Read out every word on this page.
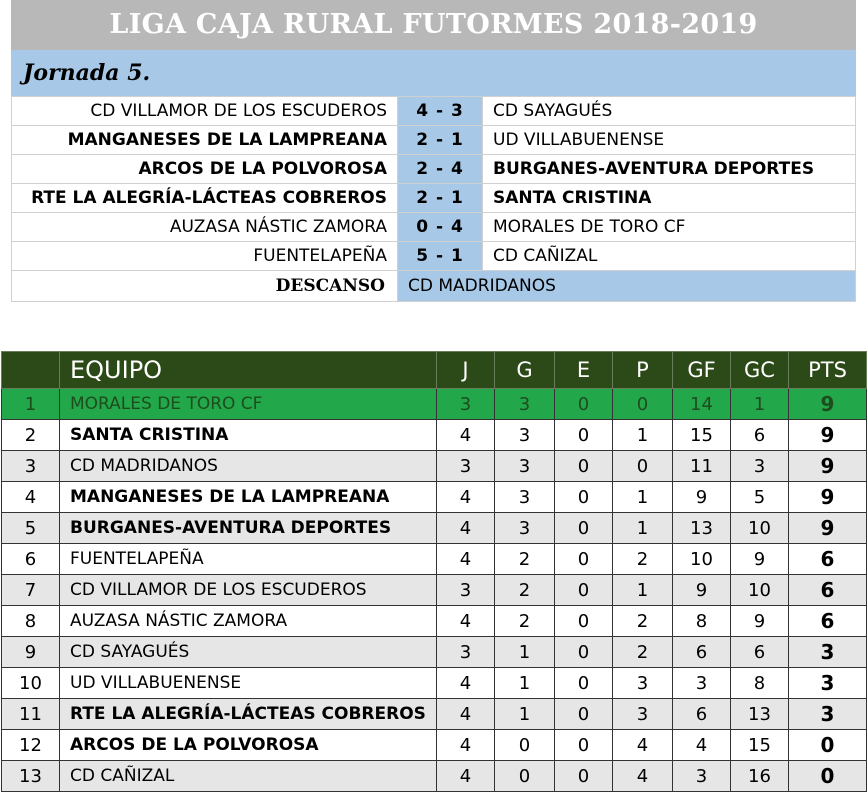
LIGA CAJA RURAL FUTORMES 2018-2019
Jornada 5.
CD VILLAMOR DE LOS ESCUDEROS	4 - 3	CD SAYAGUÉS
MANGANESES DE LA LAMPREANA	2 - 1	UD VILLABUENENSE
ARCOS DE LA POLVOROSA	2 - 4	BURGANES-AVENTURA DEPORTES
RTE LA ALEGRÍA-LÁCTEAS COBREROS	2 - 1	SANTA CRISTINA
AUZASA NÁSTIC ZAMORA	0 - 4	MORALES DE TORO CF
FUENTELAPEÑA	5 - 1	CD CAÑIZAL
DESCANSO	CD MADRIDANOS	
	EQUIPO	J	G	E	P	GF	GC	PTS
1	MORALES DE TORO CF	3	3	0	0	14	1	9
2	SANTA CRISTINA	4	3	0	1	15	6	9
3	CD MADRIDANOS	3	3	0	0	11	3	9
4	MANGANESES DE LA LAMPREANA	4	3	0	1	9	5	9
5	BURGANES-AVENTURA DEPORTES	4	3	0	1	13	10	9
6	FUENTELAPEÑA	4	2	0	2	10	9	6
7	CD VILLAMOR DE LOS ESCUDEROS	3	2	0	1	9	10	6
8	AUZASA NÁSTIC ZAMORA	4	2	0	2	8	9	6
9	CD SAYAGUÉS	3	1	0	2	6	6	3
10	UD VILLABUENENSE	4	1	0	3	3	8	3
11	RTE LA ALEGRÍA-LÁCTEAS COBREROS	4	1	0	3	6	13	3
12	ARCOS DE LA POLVOROSA	4	0	0	4	4	15	0
13	CD CAÑIZAL	4	0	0	4	3	16	0
